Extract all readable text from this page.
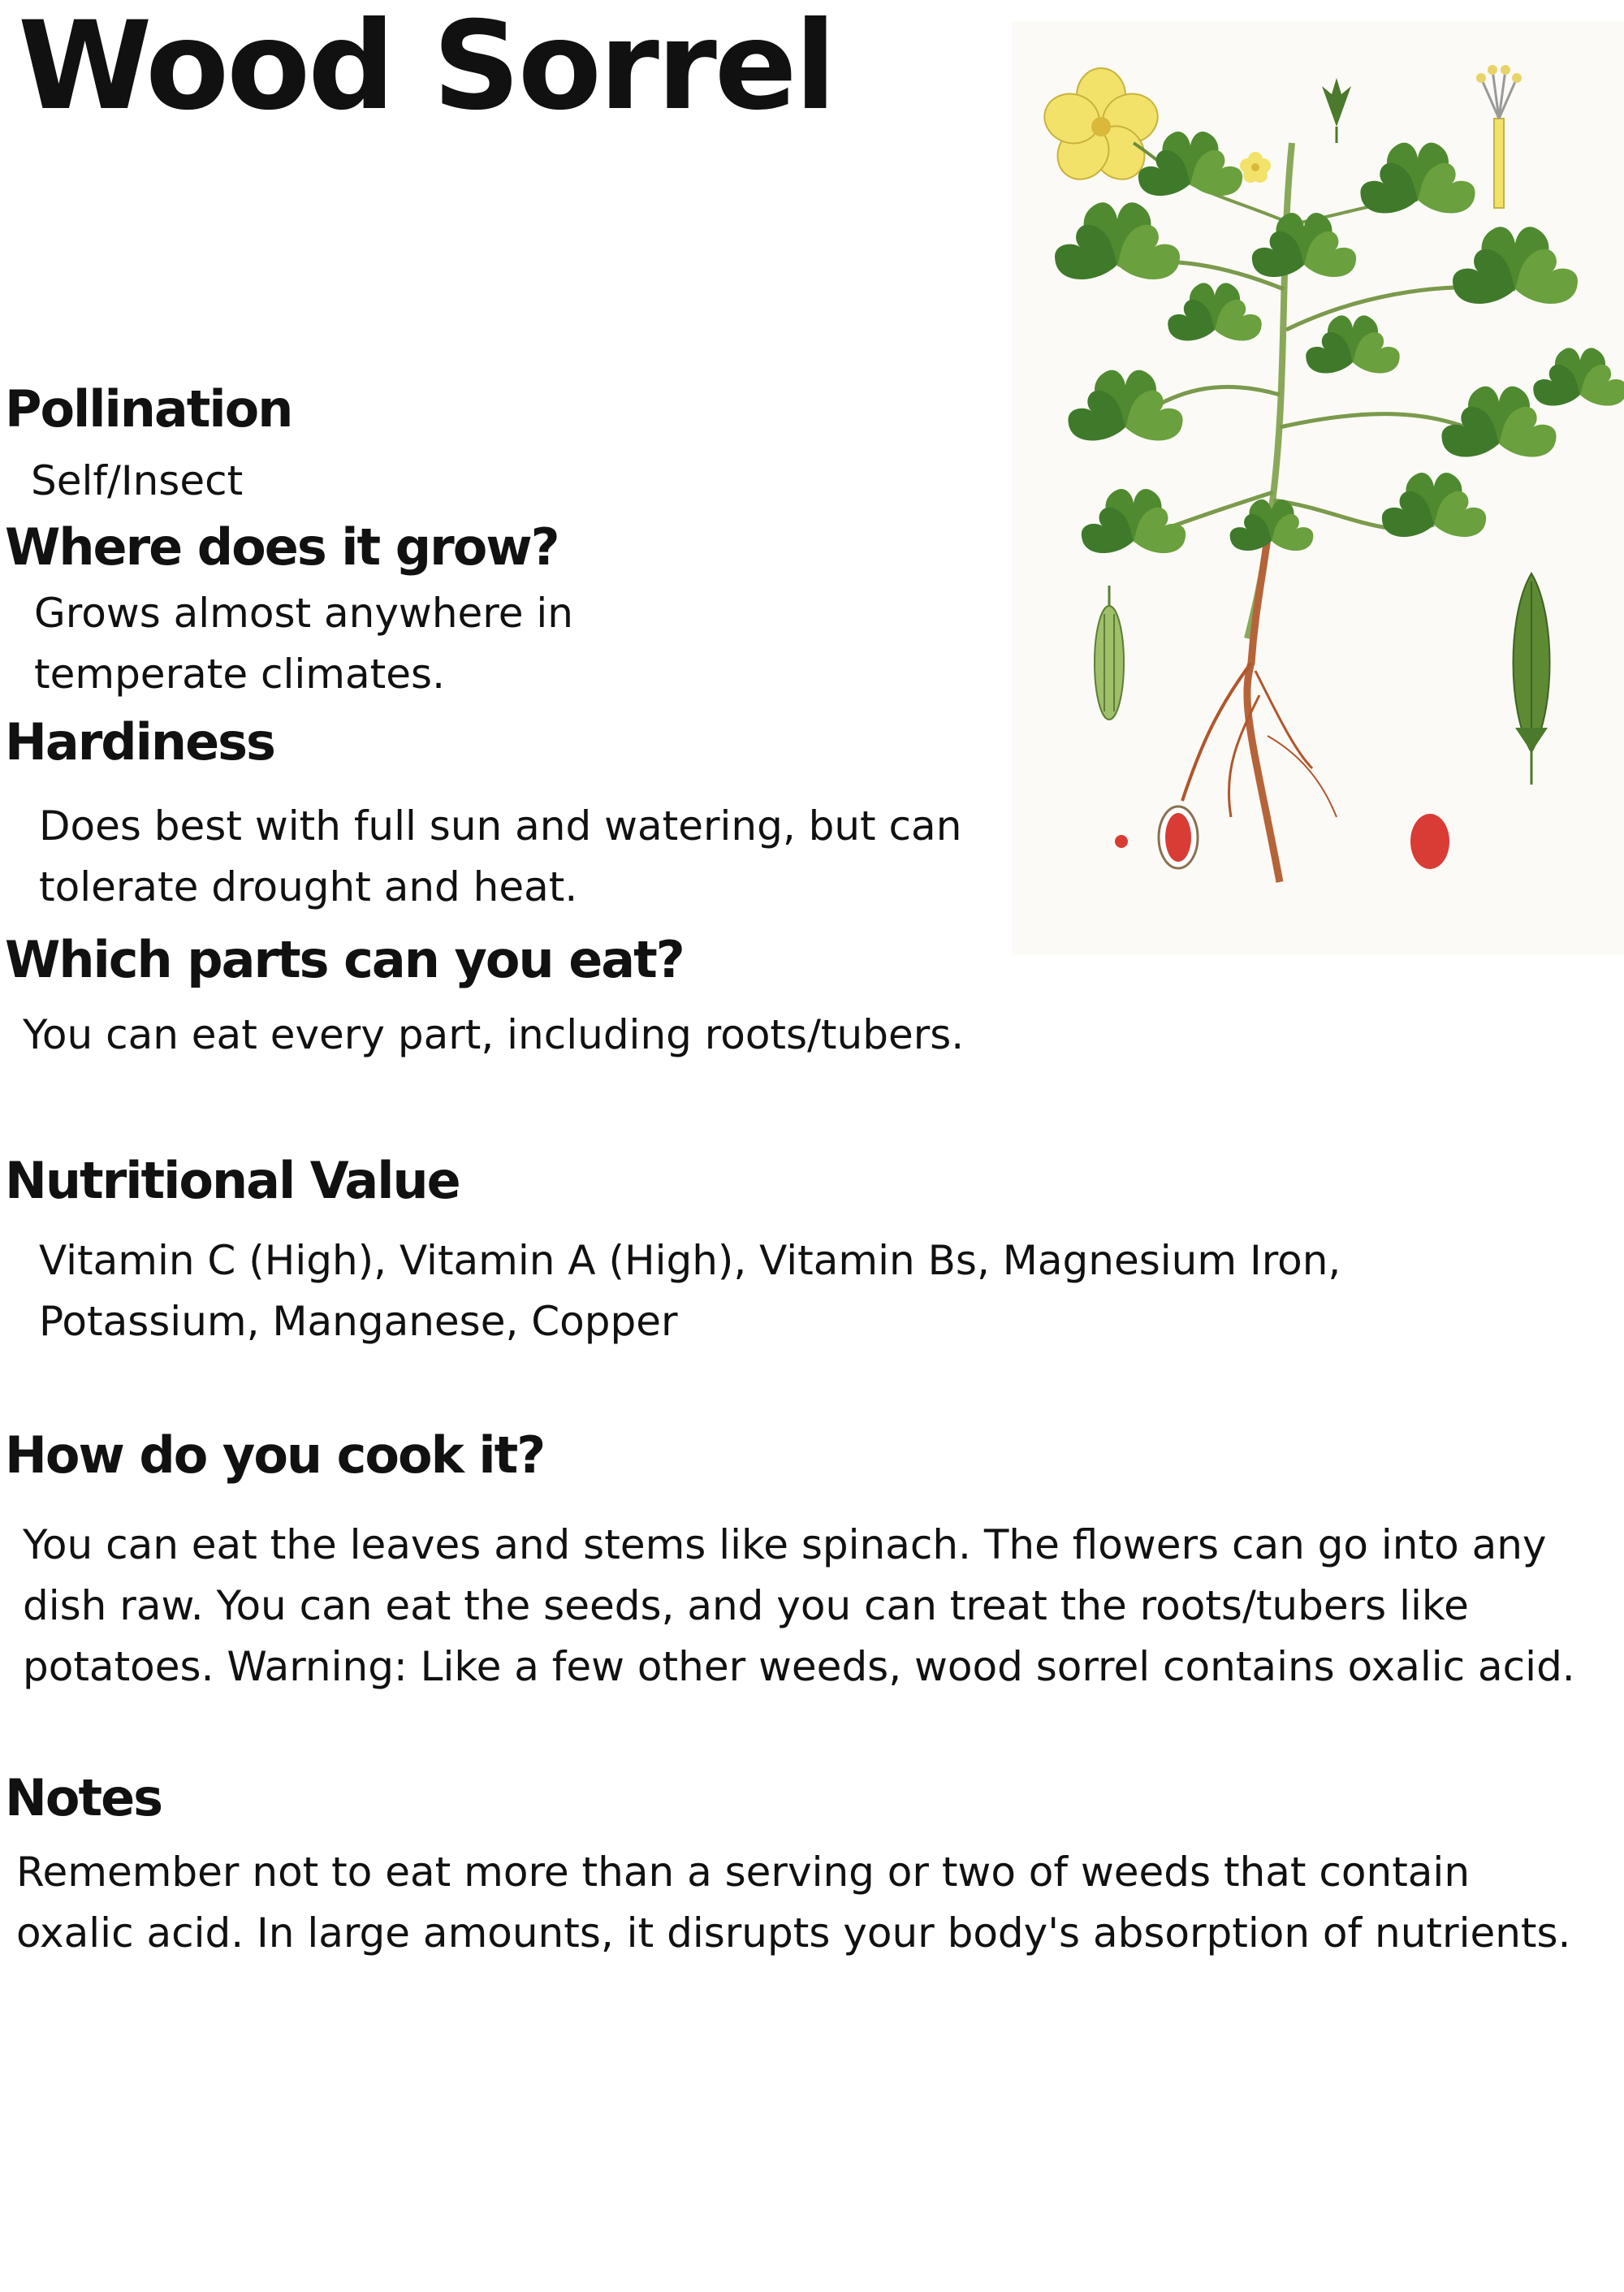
Wood Sorrel
Pollination

Self/Insect

Where does it grow?

Grows almost anywhere in temperate climates.

Hardiness

Does best with full sun and watering, but can tolerate drought and heat.

Which parts can you eat?

You can eat every part, including roots/tubers.

Nutritional Value

Vitamin C (High), Vitamin A (High), Vitamin Bs, Magnesium Iron, Potassium, Manganese, Copper

How do you cook it?

You can eat the leaves and stems like spinach. The flowers can go into any dish raw. You can eat the seeds, and you can treat the roots/tubers like potatoes. Warning: Like a few other weeds, wood sorrel contains oxalic acid.

Notes

Remember not to eat more than a serving or two of weeds that contain oxalic acid. In large amounts, it disrupts your body's absorption of nutrients.
